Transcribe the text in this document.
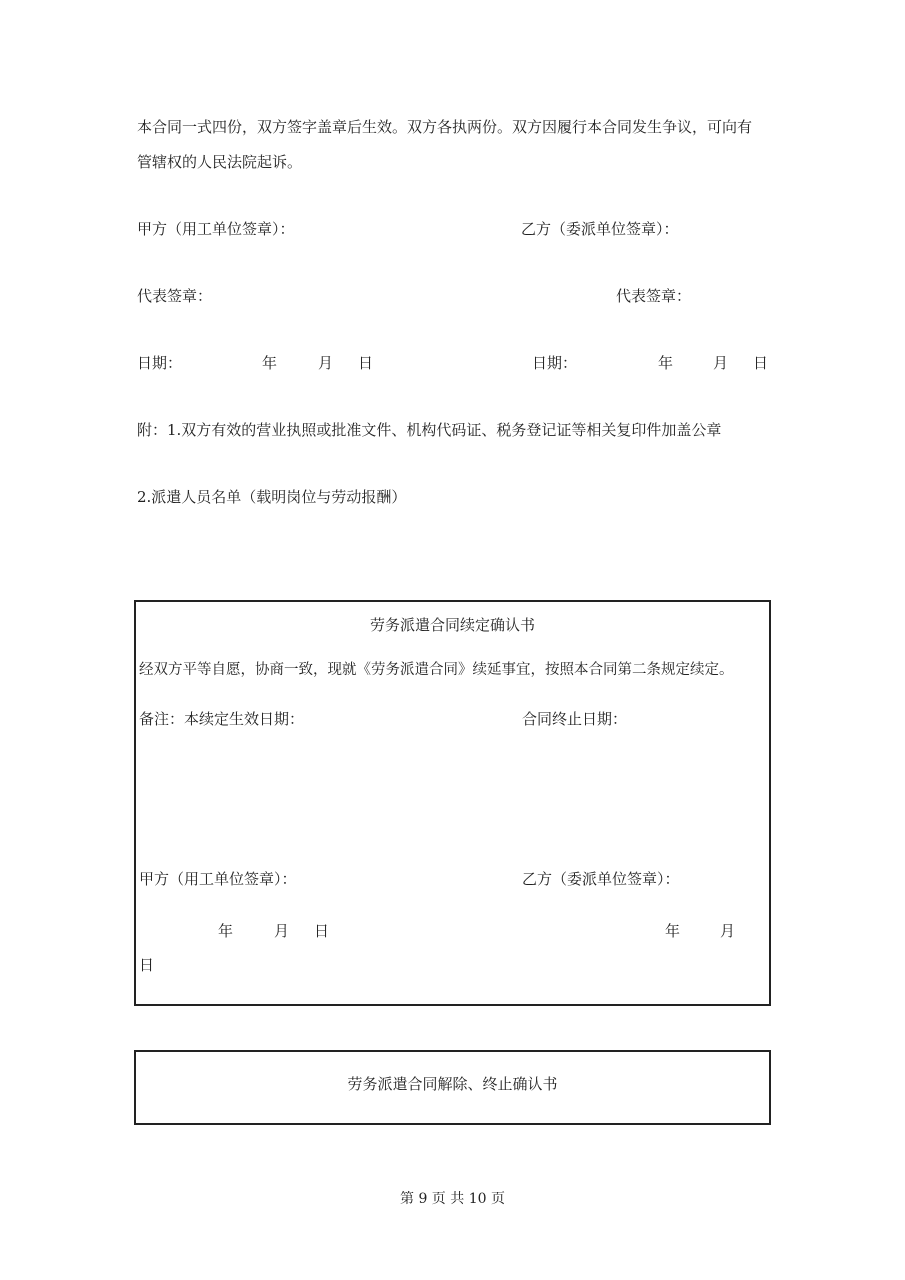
本合同一式四份，双方签字盖章后生效。双方各执两份。双方因履行本合同发生争议，可向有
管辖权的人民法院起诉。
甲方（用工单位签章）：	乙方（委派单位签章）：
代表签章：	代表签章：
日期：	年	月 日	日期：	年	月 日
附：1.双方有效的营业执照或批准文件、机构代码证、税务登记证等相关复印件加盖公章
2.派遣人员名单（载明岗位与劳动报酬）
劳务派遣合同续定确认书
经双方平等自愿，协商一致，现就《劳务派遣合同》续延事宜，按照本合同第二条规定续定。
备注：本续定生效日期：	合同终止日期：
甲方（用工单位签章）：	乙方（委派单位签章）：
年	月 日	年	月
日
劳务派遣合同解除、终止确认书
第 9 页 共 10 页
